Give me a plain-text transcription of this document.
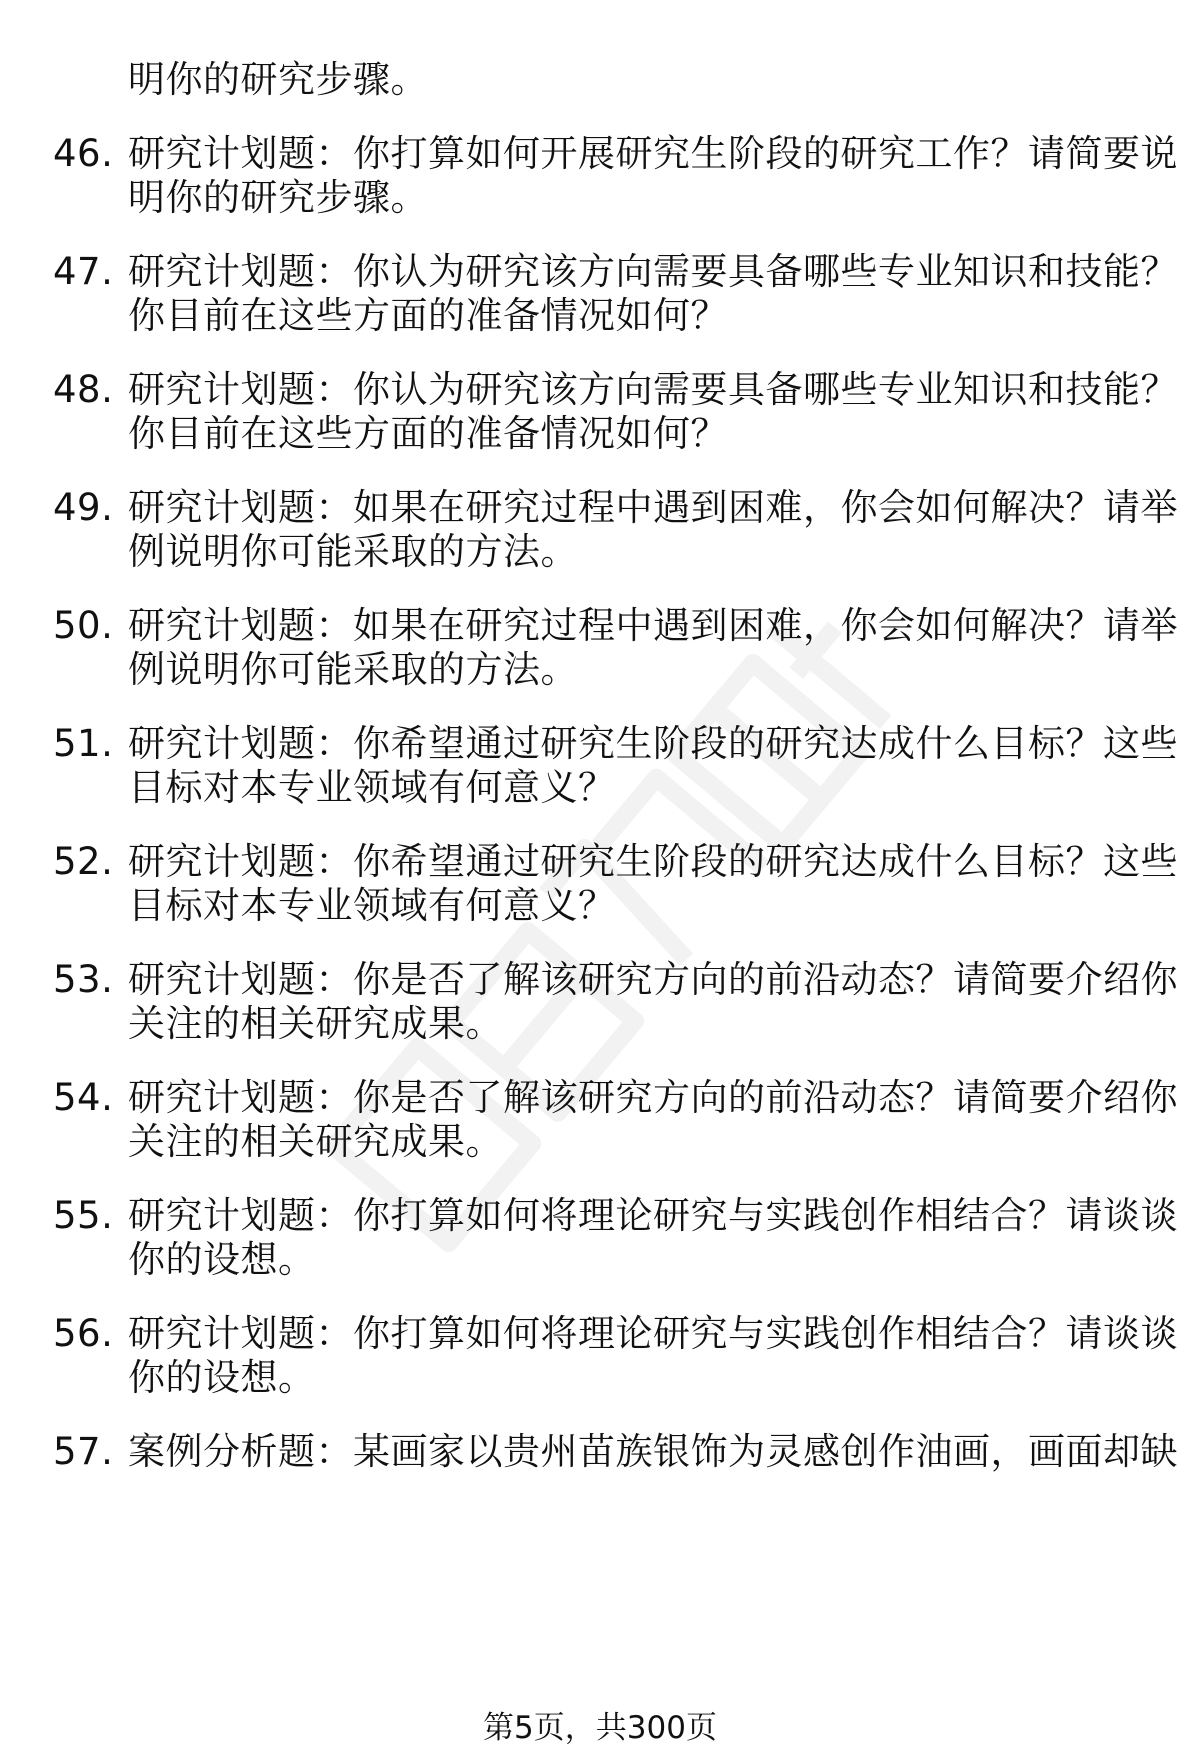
明你的研究步骤。
46. 研究计划题：你打算如何开展研究生阶段的研究工作？请简要说
明你的研究步骤。
47. 研究计划题：你认为研究该方向需要具备哪些专业知识和技能？
你目前在这些方面的准备情况如何？
48. 研究计划题：你认为研究该方向需要具备哪些专业知识和技能？
你目前在这些方面的准备情况如何？
49. 研究计划题：如果在研究过程中遇到困难，你会如何解决？请举
例说明你可能采取的方法。
50. 研究计划题：如果在研究过程中遇到困难，你会如何解决？请举
例说明你可能采取的方法。
51. 研究计划题：你希望通过研究生阶段的研究达成什么目标？这些
目标对本专业领域有何意义？
52. 研究计划题：你希望通过研究生阶段的研究达成什么目标？这些
目标对本专业领域有何意义？
53. 研究计划题：你是否了解该研究方向的前沿动态？请简要介绍你
关注的相关研究成果。
54. 研究计划题：你是否了解该研究方向的前沿动态？请简要介绍你
关注的相关研究成果。
55. 研究计划题：你打算如何将理论研究与实践创作相结合？请谈谈
你的设想。
56. 研究计划题：你打算如何将理论研究与实践创作相结合？请谈谈
你的设想。
57. 案例分析题：某画家以贵州苗族银饰为灵感创作油画，画面却缺
第5页，共300页
